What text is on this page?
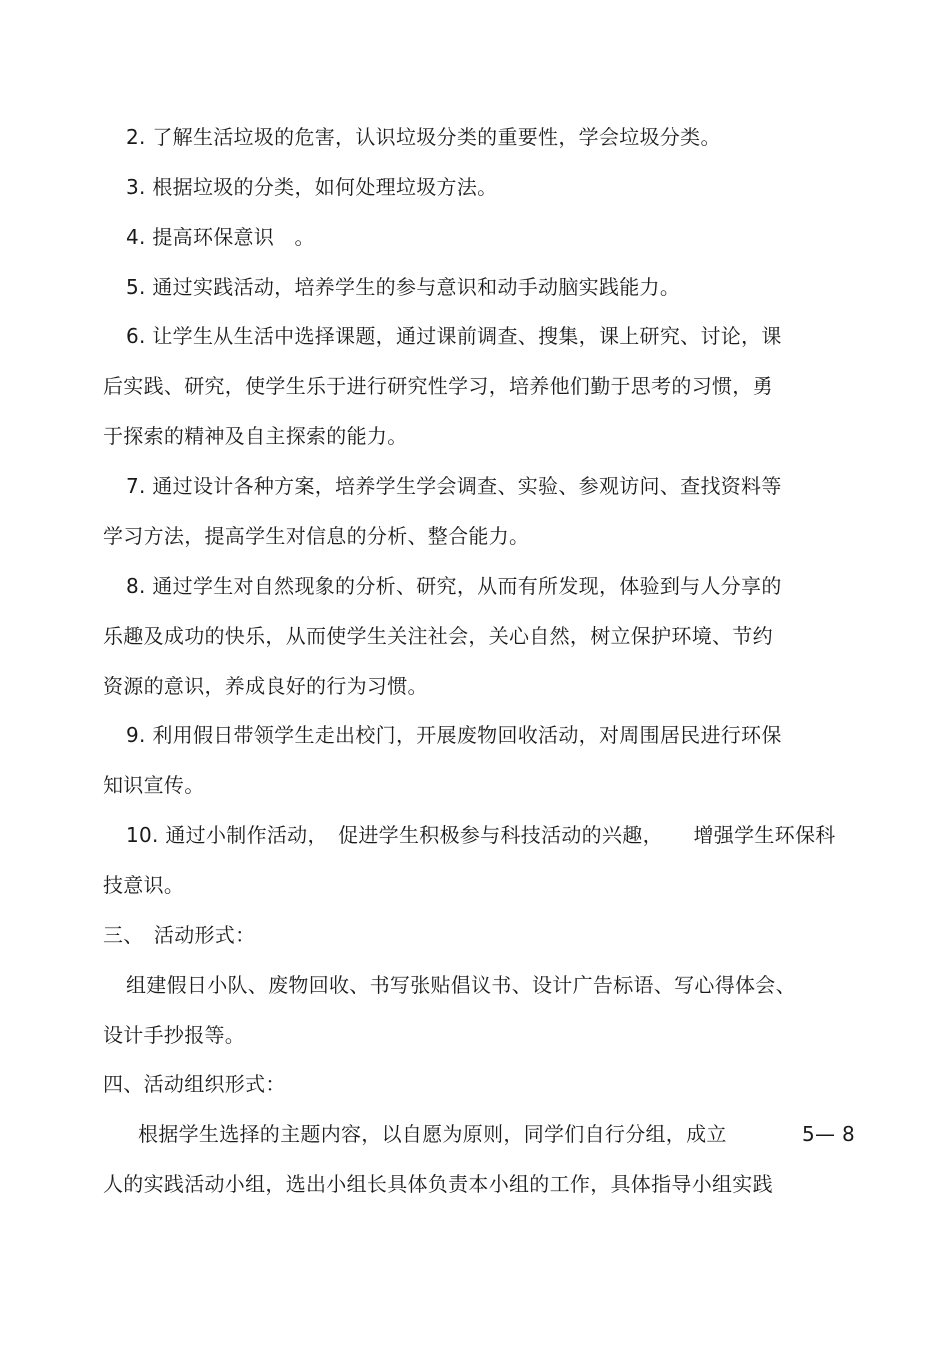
2. 了解生活垃圾的危害，认识垃圾分类的重要性，学会垃圾分类。
3. 根据垃圾的分类，如何处理垃圾方法。
4. 提高环保意识　。
5. 通过实践活动，培养学生的参与意识和动手动脑实践能力。
6. 让学生从生活中选择课题，通过课前调查、搜集，课上研究、讨论，课
后实践、研究，使学生乐于进行研究性学习，培养他们勤于思考的习惯，勇
于探索的精神及自主探索的能力。
7. 通过设计各种方案，培养学生学会调查、实验、参观访问、查找资料等
学习方法，提高学生对信息的分析、整合能力。
8. 通过学生对自然现象的分析、研究，从而有所发现，体验到与人分享的
乐趣及成功的快乐，从而使学生关注社会，关心自然，树立保护环境、节约
资源的意识，养成良好的行为习惯。
9. 利用假日带领学生走出校门，开展废物回收活动，对周围居民进行环保
知识宣传。
10. 通过小制作活动，　促进学生积极参与科技活动的兴趣，　　增强学生环保科
技意识。
三、　活动形式：
组建假日小队、废物回收、书写张贴倡议书、设计广告标语、写心得体会、
设计手抄报等。
四、活动组织形式：
根据学生选择的主题内容，以自愿为原则，同学们自行分组，成立	5— 8
人的实践活动小组，选出小组长具体负责本小组的工作，具体指导小组实践
